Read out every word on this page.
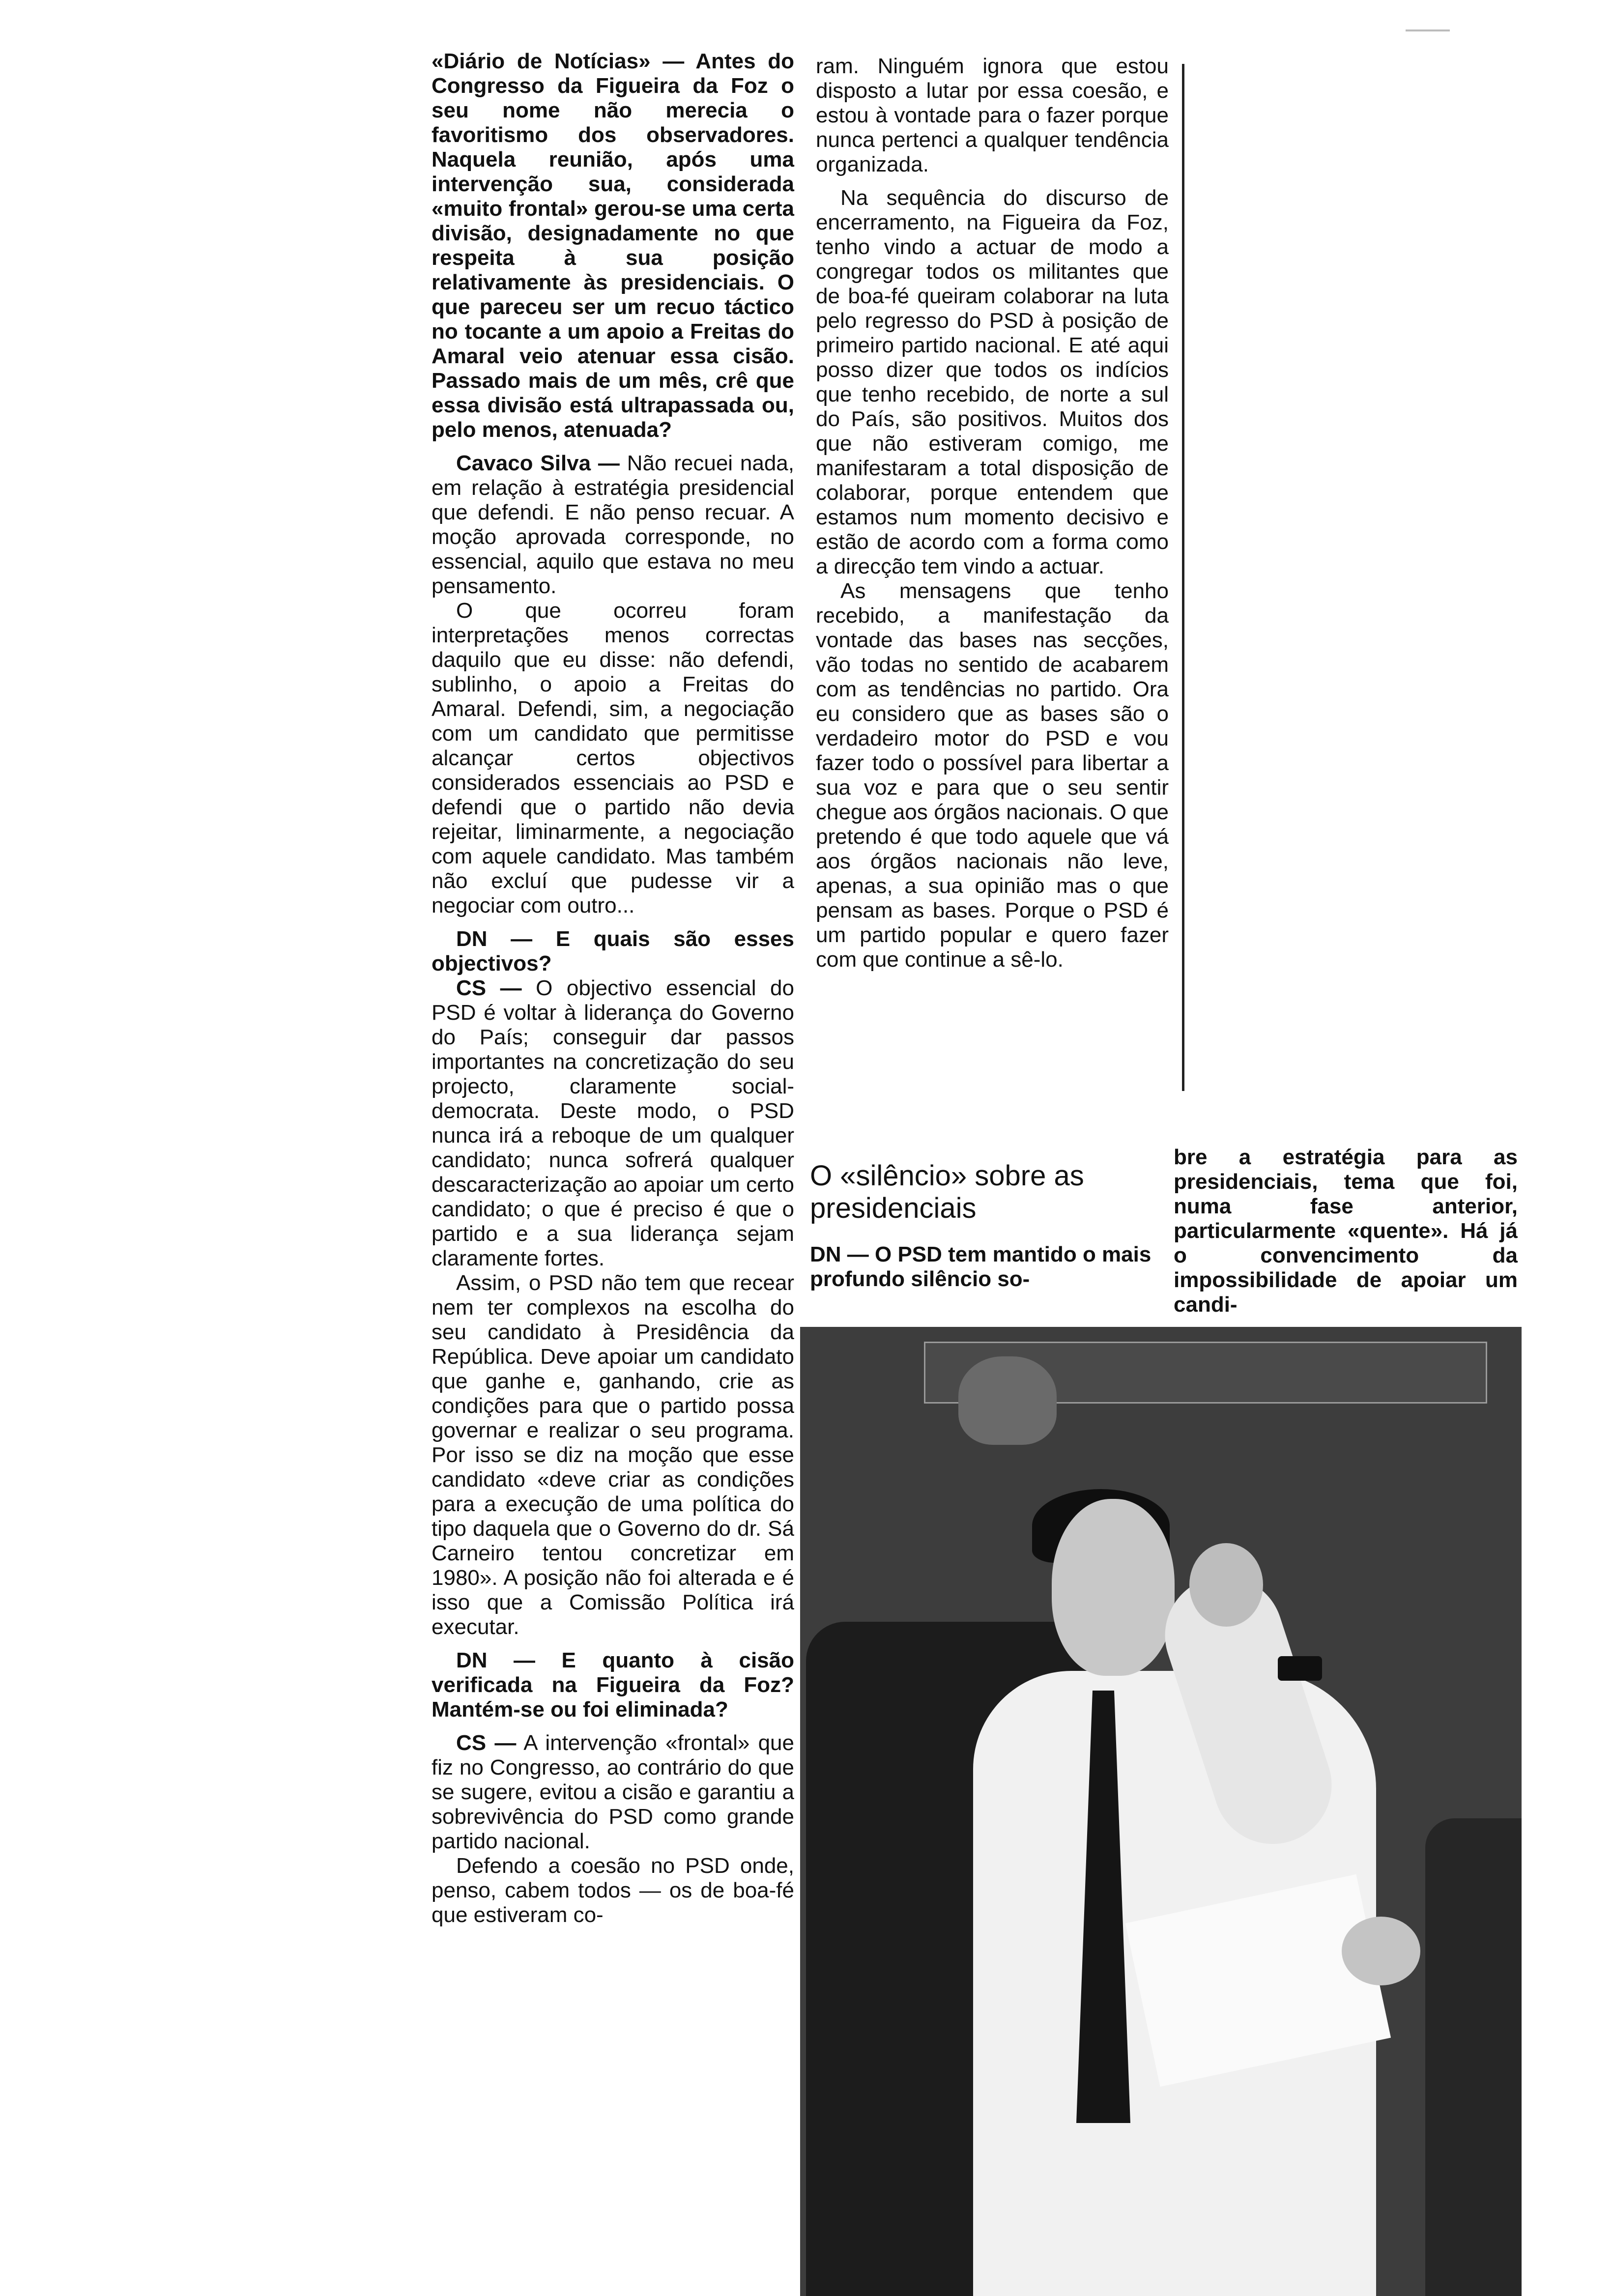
«Diário de Notícias» — Antes do Congresso da Figueira da Foz o seu nome não merecia o favoritismo dos observadores. Naquela reunião, após uma intervenção sua, considerada «muito frontal» gerou-se uma certa divisão, designadamente no que respeita à sua posição relativamente às presidenciais. O que pareceu ser um recuo táctico no tocante a um apoio a Freitas do Amaral veio atenuar essa cisão. Passado mais de um mês, crê que essa divisão está ultrapassada ou, pelo menos, atenuada?

Cavaco Silva — Não recuei nada, em relação à estratégia presidencial que defendi. E não penso recuar. A moção aprovada corresponde, no essencial, aquilo que estava no meu pensamento.

O que ocorreu foram interpretações menos correctas daquilo que eu disse: não defendi, sublinho, o apoio a Freitas do Amaral. Defendi, sim, a negociação com um candidato que permitisse alcançar certos objectivos considerados essenciais ao PSD e defendi que o partido não devia rejeitar, liminarmente, a negociação com aquele candidato. Mas também não excluí que pudesse vir a negociar com outro...

DN — E quais são esses objectivos?

CS — O objectivo essencial do PSD é voltar à liderança do Governo do País; conseguir dar passos importantes na concretização do seu projecto, claramente social-democrata. Deste modo, o PSD nunca irá a reboque de um qualquer candidato; nunca sofrerá qualquer descaracterização ao apoiar um certo candidato; o que é preciso é que o partido e a sua liderança sejam claramente fortes.

Assim, o PSD não tem que recear nem ter complexos na escolha do seu candidato à Presidência da República. Deve apoiar um candidato que ganhe e, ganhando, crie as condições para que o partido possa governar e realizar o seu programa. Por isso se diz na moção que esse candidato «deve criar as condições para a execução de uma política do tipo daquela que o Governo do dr. Sá Carneiro tentou concretizar em 1980». A posição não foi alterada e é isso que a Comissão Política irá executar.

DN — E quanto à cisão verificada na Figueira da Foz? Mantém-se ou foi eliminada?

CS — A intervenção «frontal» que fiz no Congresso, ao contrário do que se sugere, evitou a cisão e garantiu a sobrevivência do PSD como grande partido nacional.

Defendo a coesão no PSD onde, penso, cabem todos — os de boa-fé que estiveram co-

ram. Ninguém ignora que estou disposto a lutar por essa coesão, e estou à vontade para o fazer porque nunca pertenci a qualquer tendência organizada.

Na sequência do discurso de encerramento, na Figueira da Foz, tenho vindo a actuar de modo a congregar todos os militantes que de boa-fé queiram colaborar na luta pelo regresso do PSD à posição de primeiro partido nacional. E até aqui posso dizer que todos os indícios que tenho recebido, de norte a sul do País, são positivos. Muitos dos que não estiveram comigo, me manifestaram a total disposição de colaborar, porque entendem que estamos num momento decisivo e estão de acordo com a forma como a direcção tem vindo a actuar.

As mensagens que tenho recebido, a manifestação da vontade das bases nas secções, vão todas no sentido de acabarem com as tendências no partido. Ora eu considero que as bases são o verdadeiro motor do PSD e vou fazer todo o possível para libertar a sua voz e para que o seu sentir chegue aos órgãos nacionais. O que pretendo é que todo aquele que vá aos órgãos nacionais não leve, apenas, a sua opinião mas o que pensam as bases. Porque o PSD é um partido popular e quero fazer com que continue a sê-lo.

O «silêncio» sobre as presidenciais
DN — O PSD tem mantido o mais profundo silêncio so-

bre a estratégia para as presidenciais, tema que foi, numa fase anterior, particularmente «quente». Há já o convencimento da impossibilidade de apoiar um candi-
